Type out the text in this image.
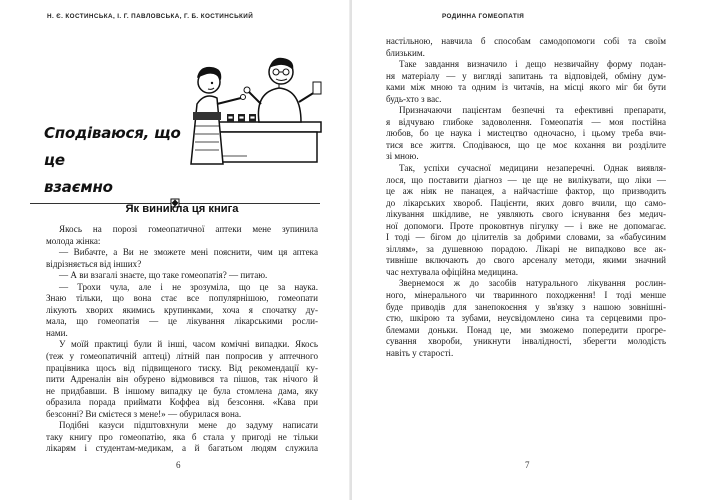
Н. Є. КОСТИНСЬКА, І. Г. ПАВЛОВСЬКА, Г. Б. КОСТИНСЬКИЙ
Сподіваюся, що це
взаємно
Як виникла ця книга
Якось на порозі гомеопатичної аптеки мене зупинила
молода жінка:
— Вибачте, а Ви не зможете мені пояснити, чим ця аптека
відрізняється від інших?
— А ви взагалі знаєте, що таке гомеопатія? — питаю.
— Трохи чула, але і не зрозуміла, що це за наука.
Знаю тільки, що вона стає все популярнішою, гомеопати
лікують хворих якимись крупинками, хоча я спочатку ду-
мала, що гомеопатія — це лікування лікарськими росли-
нами.
У моїй практиці були й інші, часом комічні випадки. Якось
(теж у гомеопатичній аптеці) літній пан попросив у аптечного
працівника щось від підвищеного тиску. Від рекомендації ку-
пити Адреналін він обурено відмовився та пішов, так нічого й
не придбавши. В іншому випадку це була стомлена дама, яку
образила порада приймати Коффеа від безсоння. «Кава при
безсонні? Ви смієтеся з мене!» — обурилася вона.
Подібні казуси підштовхнули мене до задуму написати
таку книгу про гомеопатію, яка б стала у пригоді не тільки
лікарям і студентам-медикам, а й багатьом людям служила
6
РОДИННА ГОМЕОПАТІЯ
настільною, навчила б способам самодопомоги собі та своїм
близьким.
Таке завдання визначило і дещо незвичайну форму подан-
ня матеріалу — у вигляді запитань та відповідей, обміну дум-
ками між мною та одним із читачів, на місці якого міг би бути
будь-хто з вас.
Призначаючи пацієнтам безпечні та ефективні препарати,
я відчуваю глибоке задоволення. Гомеопатія — моя постійна
любов, бо це наука і мистецтво одночасно, і цьому треба вчи-
тися все життя. Сподіваюся, що це моє кохання ви розділите
зі мною.
Так, успіхи сучасної медицини незаперечні. Однак виявля-
лося, що поставити діагноз — це ще не вилікувати, що ліки —
це аж ніяк не панацея, а найчастіше фактор, що призводить
до лікарських хвороб. Пацієнти, яких довго вчили, що само-
лікування шкідливе, не уявляють свого існування без медич-
ної допомоги. Проте проковтнув пігулку — і вже не допомагає.
І тоді — бігом до цілителів за добрими словами, за «бабусиним
зіллям», за душевною порадою. Лікарі не випадково все ак-
тивніше включають до свого арсеналу методи, якими значний
час нехтувала офіційна медицина.
Звернемося ж до засобів натурального лікування рослин-
ного, мінерального чи тваринного походження! І тоді менше
буде приводів для занепокоєння у зв'язку з нашою зовнішні-
стю, шкірою та зубами, неусвідомлено сина та серцевими про-
блемами доньки. Понад це, ми зможемо попередити прогре-
сування хвороби, уникнути інвалідності, зберегти молодість
навіть у старості.
7
